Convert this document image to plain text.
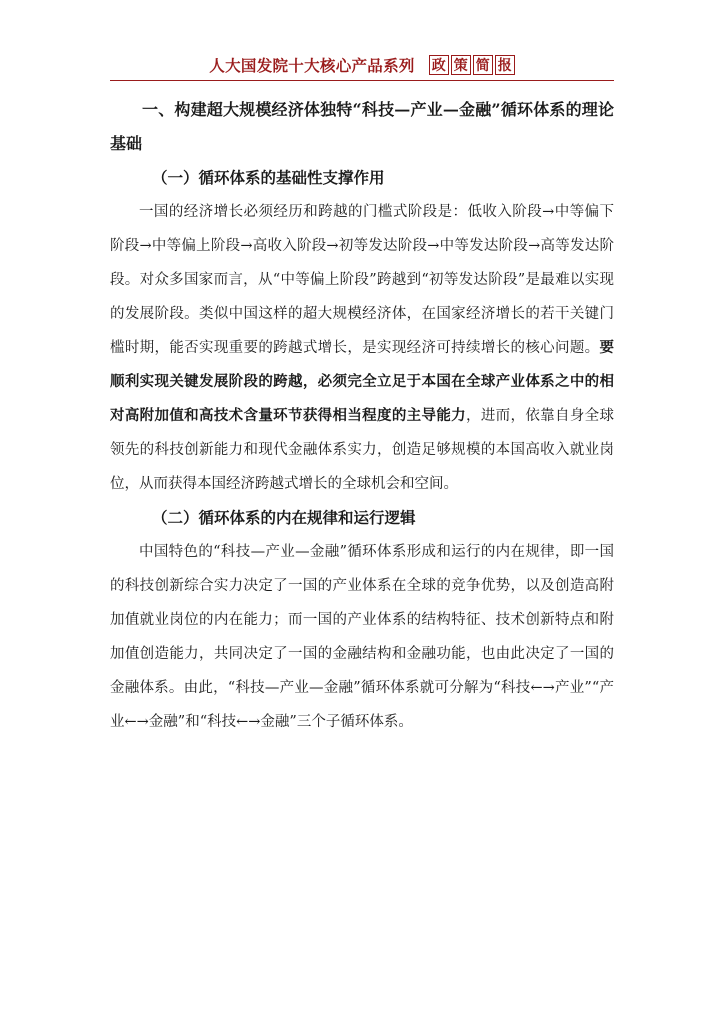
人大国发院十大核心产品系列 政 策 简 报

一、构建超大规模经济体独特“科技—产业—金融”循环体系的理论基础

（一）循环体系的基础性支撑作用

一国的经济增长必须经历和跨越的门槛式阶段是：低收入阶段→中等偏下阶段→中等偏上阶段→高收入阶段→初等发达阶段→中等发达阶段→高等发达阶段。对众多国家而言，从“中等偏上阶段”跨越到“初等发达阶段”是最难以实现的发展阶段。类似中国这样的超大规模经济体，在国家经济增长的若干关键门槛时期，能否实现重要的跨越式增长，是实现经济可持续增长的核心问题。要顺利实现关键发展阶段的跨越，必须完全立足于本国在全球产业体系之中的相对高附加值和高技术含量环节获得相当程度的主导能力，进而，依靠自身全球领先的科技创新能力和现代金融体系实力，创造足够规模的本国高收入就业岗位，从而获得本国经济跨越式增长的全球机会和空间。

（二）循环体系的内在规律和运行逻辑

中国特色的“科技—产业—金融”循环体系形成和运行的内在规律，即一国的科技创新综合实力决定了一国的产业体系在全球的竞争优势，以及创造高附加值就业岗位的内在能力；而一国的产业体系的结构特征、技术创新特点和附加值创造能力，共同决定了一国的金融结构和金融功能，也由此决定了一国的金融体系。由此，“科技—产业—金融”循环体系就可分解为“科技←→产业”“产业←→金融”和“科技←→金融”三个子循环体系。
